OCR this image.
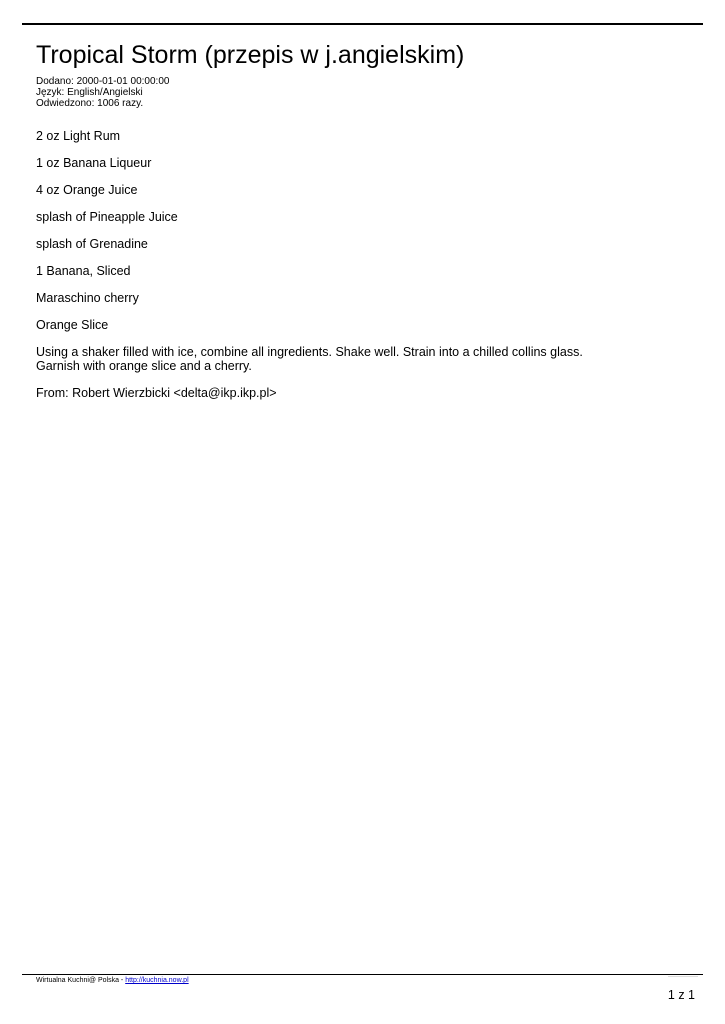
Tropical Storm (przepis w j.angielskim)
Dodano: 2000-01-01 00:00:00
Język: English/Angielski
Odwiedzono: 1006 razy.

2 oz Light Rum

1 oz Banana Liqueur

4 oz Orange Juice

splash of Pineapple Juice

splash of Grenadine

1 Banana, Sliced

Maraschino cherry

Orange Slice

Using a shaker filled with ice, combine all ingredients. Shake well. Strain into a chilled collins glass.
Garnish with orange slice and a cherry.

From: Robert Wierzbicki <delta@ikp.ikp.pl>

Wirtualna Kuchni@ Polska - http://kuchnia.now.pl
1 z 1
